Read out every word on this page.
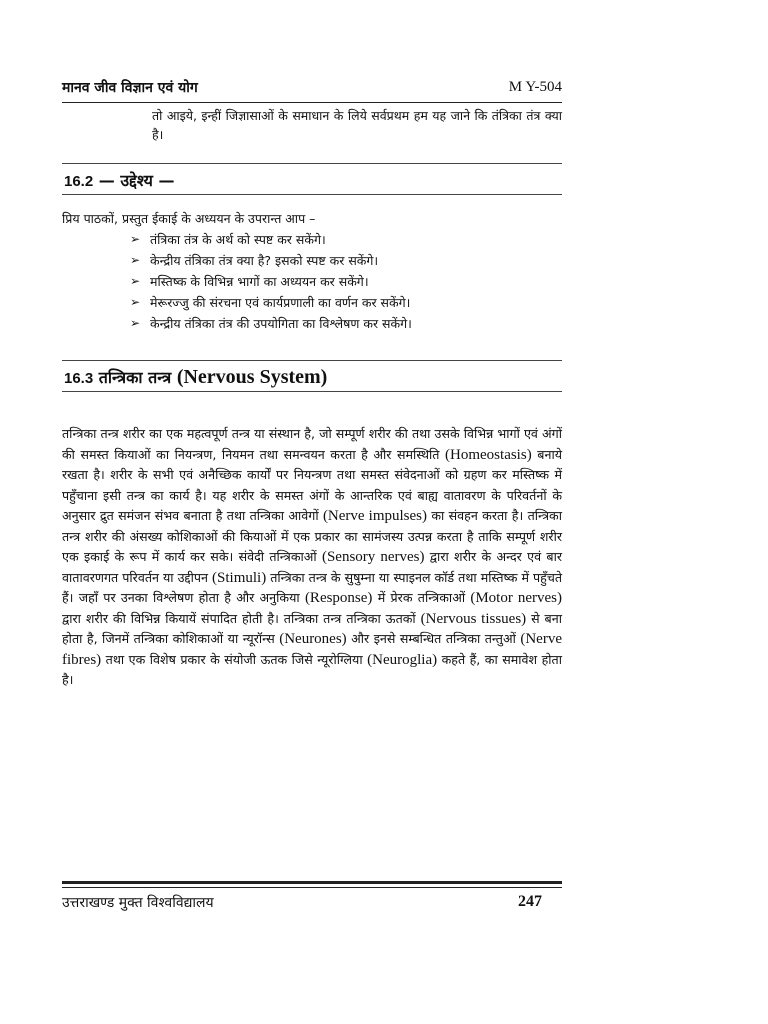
मानव जीव विज्ञान एवं योग	M Y-504
तो आइये, इन्हीं जिज्ञासाओं के समाधान के लिये सर्वप्रथम हम यह जाने कि तंत्रिका तंत्र क्या है।
16.2 — उद्देश्य —
प्रिय पाठकों, प्रस्तुत ईकाई के अध्ययन के उपरान्त आप –
➢ तंत्रिका तंत्र के अर्थ को स्पष्ट कर सकेंगे।
➢ केन्द्रीय तंत्रिका तंत्र क्या है? इसको स्पष्ट कर सकेंगे।
➢ मस्तिष्क के विभिन्न भागों का अध्ययन कर सकेंगे।
➢ मेरूरज्जु की संरचना एवं कार्यप्रणाली का वर्णन कर सकेंगे।
➢ केन्द्रीय तंत्रिका तंत्र की उपयोगिता का विश्लेषण कर सकेंगे।
16.3 तन्त्रिका तन्त्र (Nervous System)
तन्त्रिका तन्त्र शरीर का एक महत्वपूर्ण तन्त्र या संस्थान है, जो सम्पूर्ण शरीर की तथा उसके विभिन्न भागों एवं अंगों की समस्त कियाओं का नियन्त्रण, नियमन तथा समन्वयन करता है और समस्थिति (Homeostasis) बनाये रखता है। शरीर के सभी एवं अनैच्छिक कार्यों पर नियन्त्रण तथा समस्त संवेदनाओं को ग्रहण कर मस्तिष्क में पहुँचाना इसी तन्त्र का कार्य है। यह शरीर के समस्त अंगों के आन्तरिक एवं बाह्य वातावरण के परिवर्तनों के अनुसार द्रुत समंजन संभव बनाता है तथा तन्त्रिका आवेगों (Nerve impulses) का संवहन करता है। तन्त्रिका तन्त्र शरीर की अंसख्य कोशिकाओं की कियाओं में एक प्रकार का सामंजस्य उत्पन्न करता है ताकि सम्पूर्ण शरीर एक इकाई के रूप में कार्य कर सके। संवेदी तन्त्रिकाओं (Sensory nerves) द्वारा शरीर के अन्दर एवं बार वातावरणगत परिवर्तन या उद्दीपन (Stimuli) तन्त्रिका तन्त्र के सुषुम्ना या स्पाइनल कॉर्ड तथा मस्तिष्क में पहुँचते हैं। जहाँ पर उनका विश्लेषण होता है और अनुकिया (Response) में प्रेरक तन्त्रिकाओं (Motor nerves) द्वारा शरीर की विभिन्न कियायें संपादित होती है। तन्त्रिका तन्त्र तन्त्रिका ऊतकों (Nervous tissues) से बना होता है, जिनमें तन्त्रिका कोशिकाओं या न्यूरॉन्स (Neurones) और इनसे सम्बन्धित तन्त्रिका तन्तुओं (Nerve fibres) तथा एक विशेष प्रकार के संयोजी ऊतक जिसे न्यूरोग्लिया (Neuroglia) कहते हैं, का समावेश होता है।
उत्तराखण्ड मुक्त विश्वविद्यालय	247
